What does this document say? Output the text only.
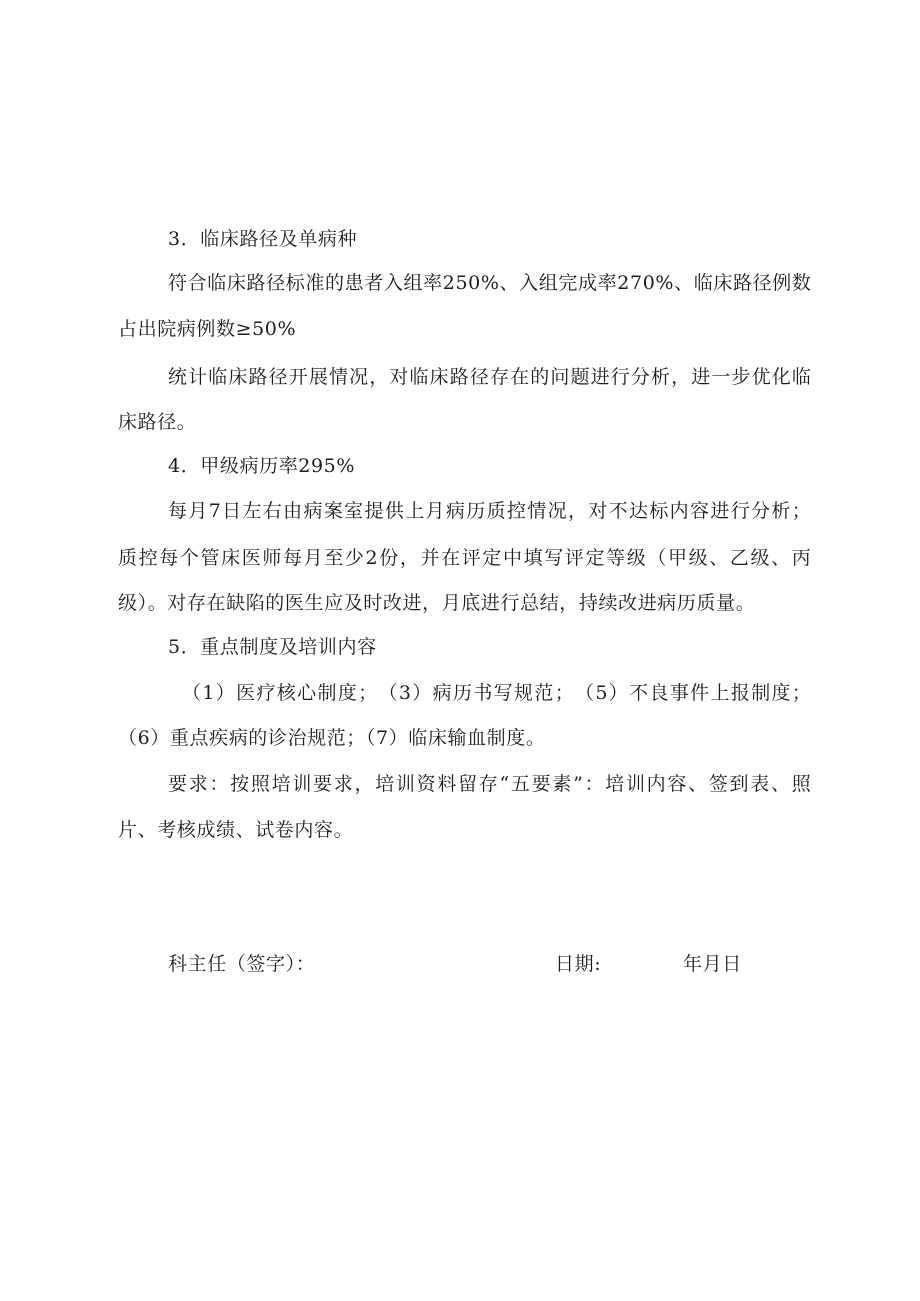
3．临床路径及单病种
符 合 临 床 路 径 标 准 的 患 者 入 组 率 2 5 0 % 、 入 组 完 成 率 2 7 0 % 、 临 床 路 径 例 数
占出院病例数≥50%
统 计 临 床 路 径 开 展 情 况 ， 对 临 床 路 径 存 在 的 问 题 进 行 分 析 ， 进 一 步 优 化 临
床路径。
4．甲级病历率295%
每 月 7 日 左 右 由 病 案 室 提 供 上 月 病 历 质 控 情 况 ， 对 不 达 标 内 容 进 行 分 析 ；
质 控 每 个 管 床 医 师 每 月 至 少 2 份 ， 并 在 评 定 中 填 写 评 定 等 级 （ 甲 级 、 乙 级 、 丙
级）。对存在缺陷的医生应及时改进，月底进行总结，持续改进病历质量。
5．重点制度及培训内容
（ 1 ） 医 疗 核 心 制 度 ； （ 3 ） 病 历 书 写 规 范 ； （ 5 ） 不 良 事 件 上 报 制 度 ；
（6）重点疾病的诊治规范；（7）临床输血制度。
要 求 ： 按 照 培 训 要 求 ， 培 训 资 料 留 存 “ 五 要 素 ” ： 培 训 内 容 、 签 到 表 、 照
片、考核成绩、试卷内容。
科主任（签字）：	日期:	年月日
